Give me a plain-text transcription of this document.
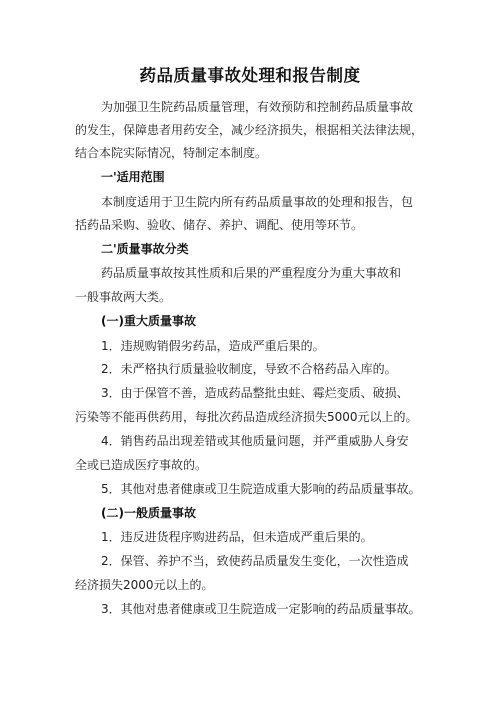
药品质量事故处理和报告制度
为加强卫生院药品质量管理，有效预防和控制药品质量事故
的发生，保障患者用药安全，减少经济损失，根据相关法律法规，
结合本院实际情况，特制定本制度。
一'适用范围
本制度适用于卫生院内所有药品质量事故的处理和报告，包
括药品采购、验收、储存、养护、调配、使用等环节。
二'质量事故分类
药品质量事故按其性质和后果的严重程度分为重大事故和
一般事故两大类。
(一)重大质量事故
1．违规购销假劣药品，造成严重后果的。
2．未严格执行质量验收制度，导致不合格药品入库的。
3．由于保管不善，造成药品整批虫蛀、霉烂变质、破损、
污染等不能再供药用，每批次药品造成经济损失5000元以上的。
4．销售药品出现差错或其他质量问题，并严重威胁人身安
全或已造成医疗事故的。
5．其他对患者健康或卫生院造成重大影响的药品质量事故。
(二)一般质量事故
1．违反进货程序购进药品，但未造成严重后果的。
2．保管、养护不当，致使药品质量发生变化，一次性造成
经济损失2000元以上的。
3．其他对患者健康或卫生院造成一定影响的药品质量事故。
